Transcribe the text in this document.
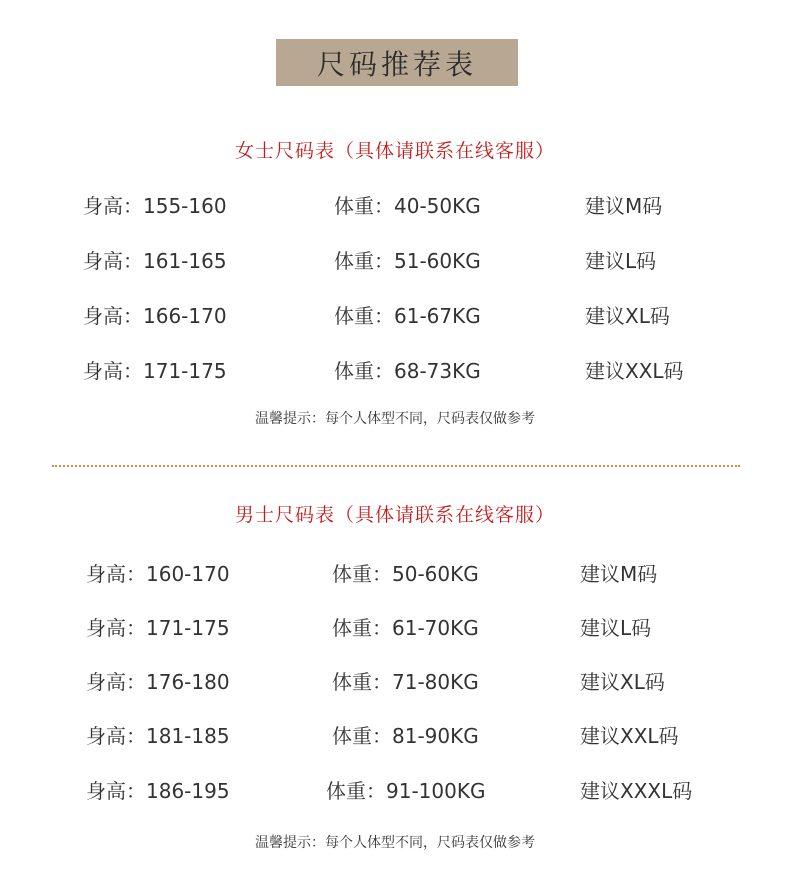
尺码推荐表
女士尺码表（具体请联系在线客服）
身高：155-160	体重：40-50KG	建议M码
身高：161-165	体重：51-60KG	建议L码
身高：166-170	体重：61-67KG	建议XL码
身高：171-175	体重：68-73KG	建议XXL码
温馨提示：每个人体型不同，尺码表仅做参考
男士尺码表（具体请联系在线客服）
身高：160-170	体重：50-60KG	建议M码
身高：171-175	体重：61-70KG	建议L码
身高：176-180	体重：71-80KG	建议XL码
身高：181-185	体重：81-90KG	建议XXL码
身高：186-195	体重：91-100KG	建议XXXL码
温馨提示：每个人体型不同，尺码表仅做参考
